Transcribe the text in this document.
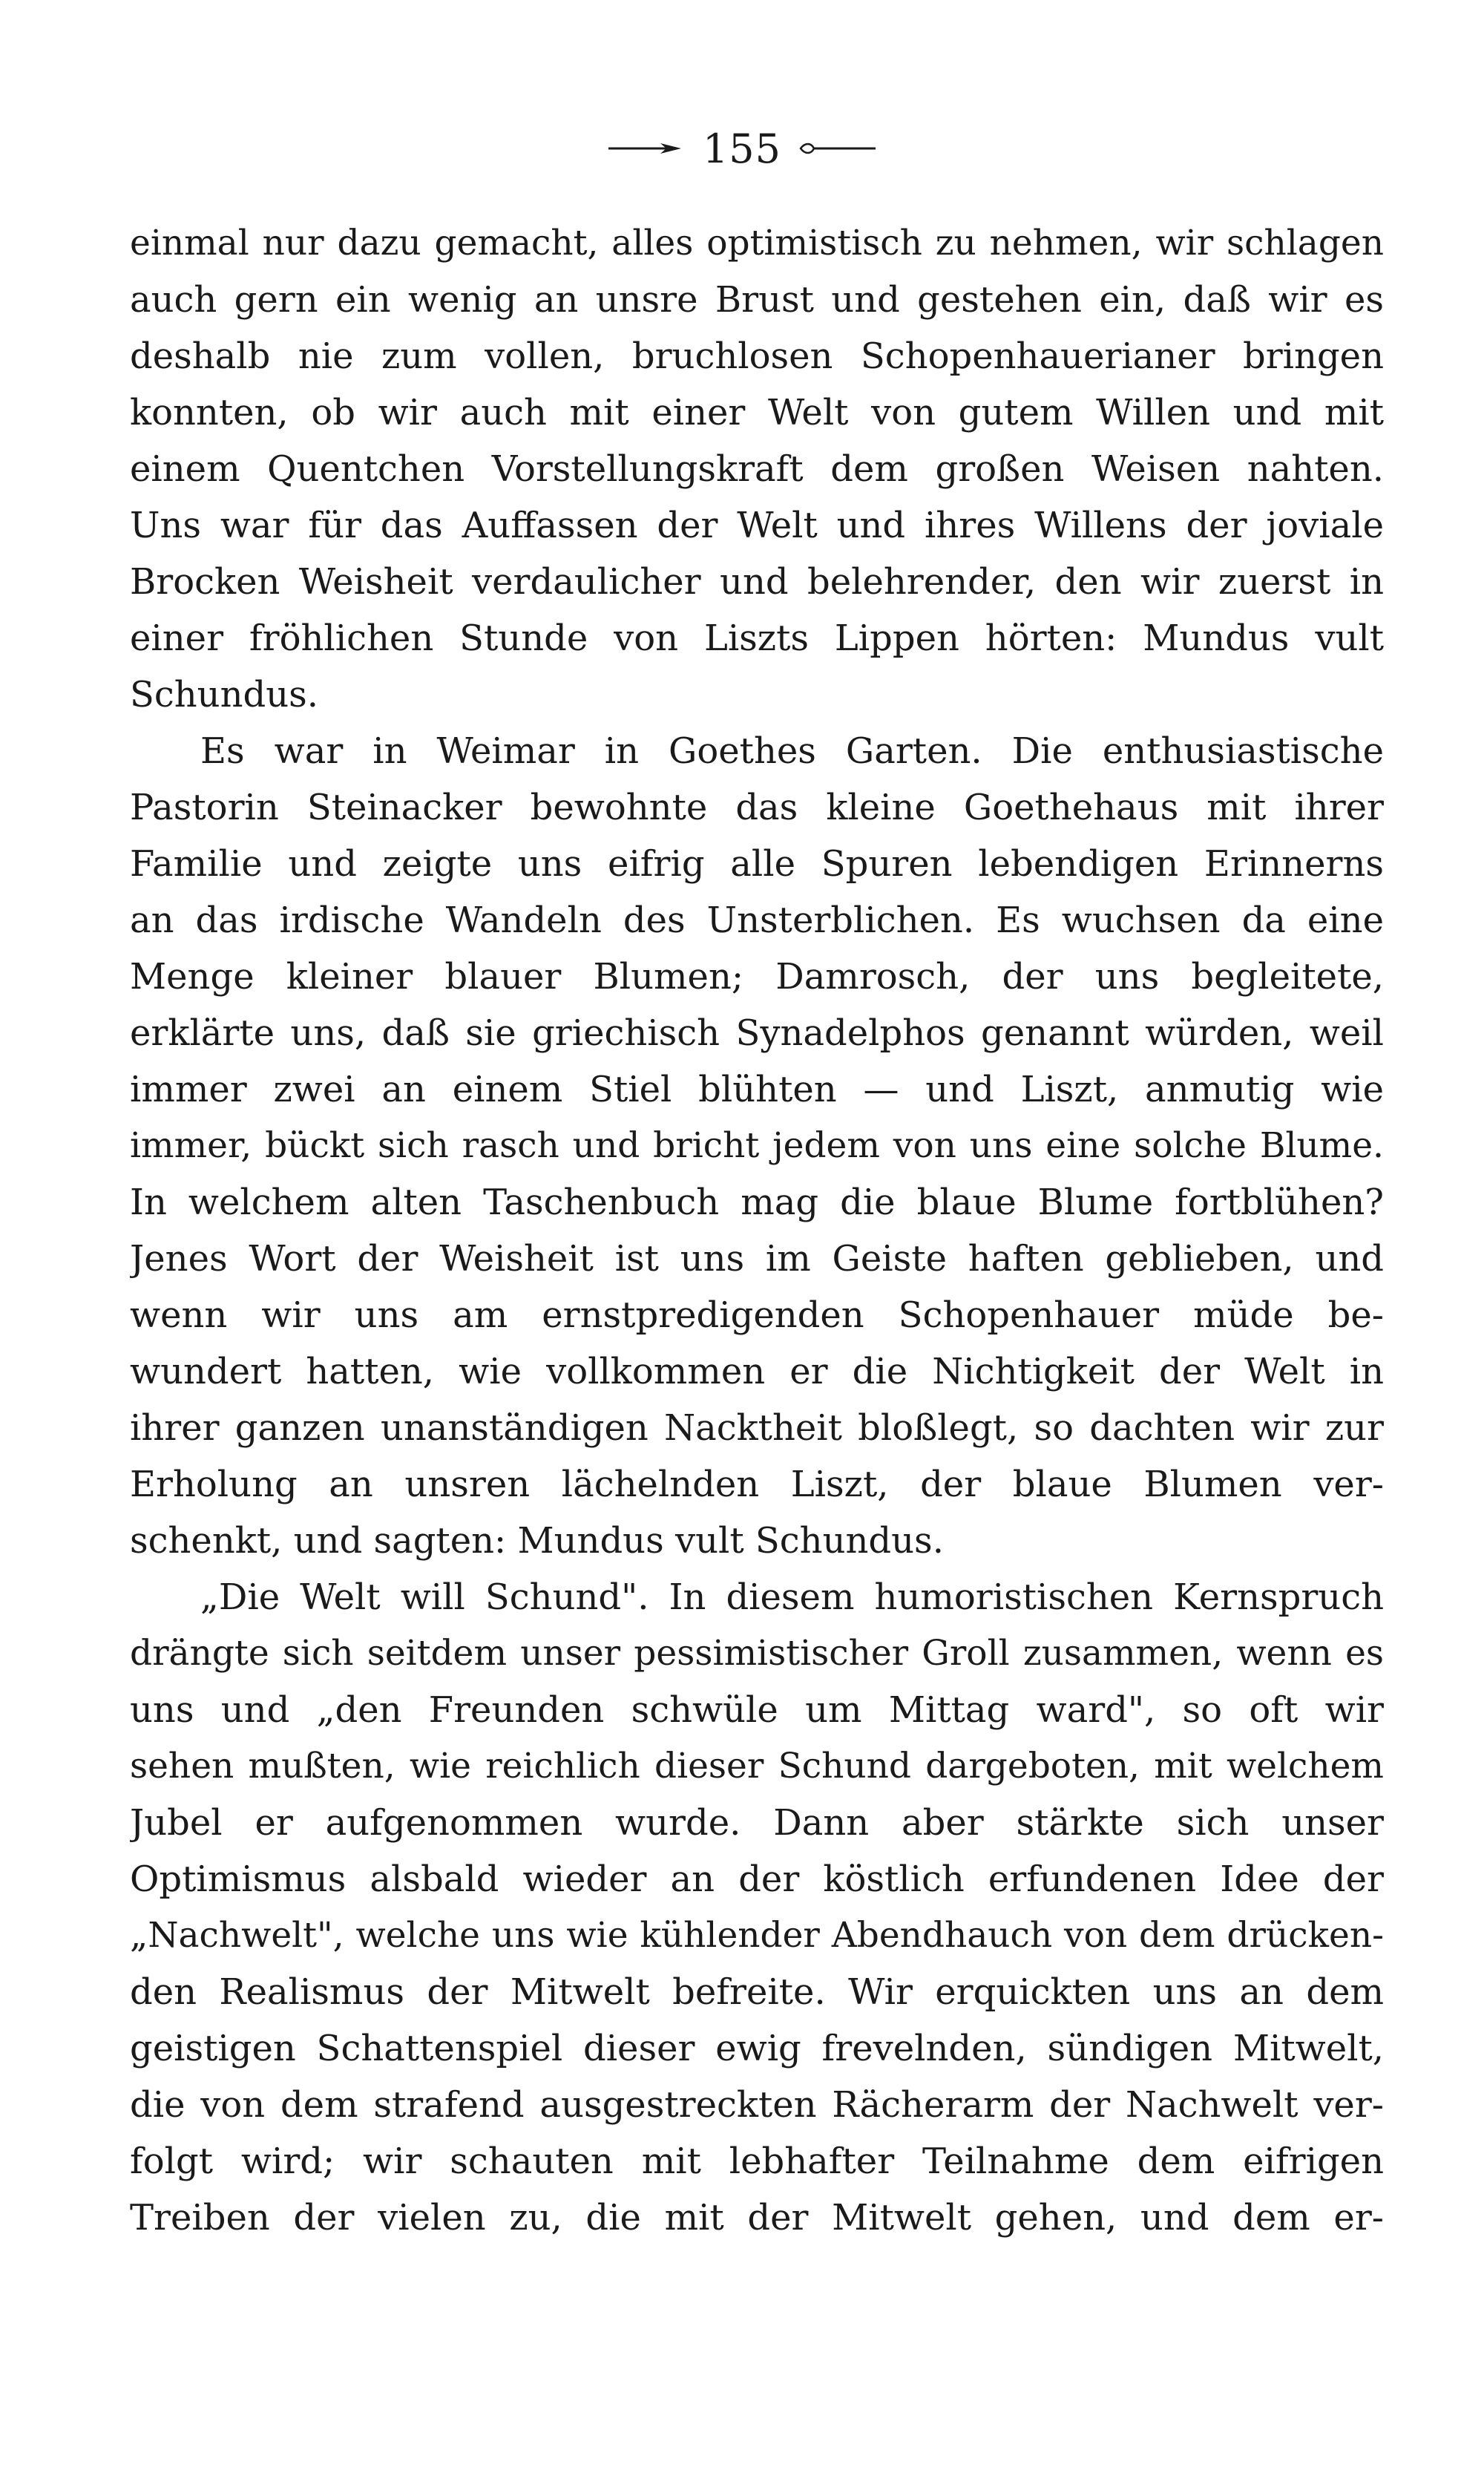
155
einmal nur dazu gemacht, alles optimistisch zu nehmen, wir schlagen
auch gern ein wenig an unsre Brust und gestehen ein, daß wir es
deshalb nie zum vollen, bruchlosen Schopenhauerianer bringen
konnten, ob wir auch mit einer Welt von gutem Willen und mit
einem Quentchen Vorstellungskraft dem großen Weisen nahten.
Uns war für das Auffassen der Welt und ihres Willens der joviale
Brocken Weisheit verdaulicher und belehrender, den wir zuerst in
einer fröhlichen Stunde von Liszts Lippen hörten: Mundus vult
Schundus.
Es war in Weimar in Goethes Garten. Die enthusiastische
Pastorin Steinacker bewohnte das kleine Goethehaus mit ihrer
Familie und zeigte uns eifrig alle Spuren lebendigen Erinnerns
an das irdische Wandeln des Unsterblichen. Es wuchsen da eine
Menge kleiner blauer Blumen; Damrosch, der uns begleitete,
erklärte uns, daß sie griechisch Synadelphos genannt würden, weil
immer zwei an einem Stiel blühten — und Liszt, anmutig wie
immer, bückt sich rasch und bricht jedem von uns eine solche Blume.
In welchem alten Taschenbuch mag die blaue Blume fortblühen?
Jenes Wort der Weisheit ist uns im Geiste haften geblieben, und
wenn wir uns am ernstpredigenden Schopenhauer müde be-
wundert hatten, wie vollkommen er die Nichtigkeit der Welt in
ihrer ganzen unanständigen Nacktheit bloßlegt, so dachten wir zur
Erholung an unsren lächelnden Liszt, der blaue Blumen ver-
schenkt, und sagten: Mundus vult Schundus.
„Die Welt will Schund". In diesem humoristischen Kernspruch
drängte sich seitdem unser pessimistischer Groll zusammen, wenn es
uns und „den Freunden schwüle um Mittag ward", so oft wir
sehen mußten, wie reichlich dieser Schund dargeboten, mit welchem
Jubel er aufgenommen wurde. Dann aber stärkte sich unser
Optimismus alsbald wieder an der köstlich erfundenen Idee der
„Nachwelt", welche uns wie kühlender Abendhauch von dem drücken-
den Realismus der Mitwelt befreite. Wir erquickten uns an dem
geistigen Schattenspiel dieser ewig frevelnden, sündigen Mitwelt,
die von dem strafend ausgestreckten Rächerarm der Nachwelt ver-
folgt wird; wir schauten mit lebhafter Teilnahme dem eifrigen
Treiben der vielen zu, die mit der Mitwelt gehen, und dem er-
